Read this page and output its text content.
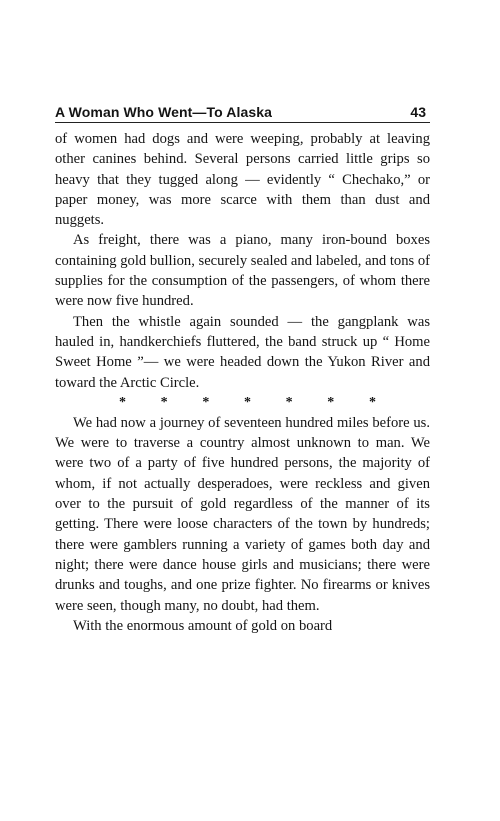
A Woman Who Went—To Alaska	43

of women had dogs and were weeping, probably at leaving other canines behind. Several persons carried little grips so heavy that they tugged along — evidently “ Chechako,” or paper money, was more scarce with them than dust and nuggets.

As freight, there was a piano, many iron-bound boxes containing gold bullion, securely sealed and labeled, and tons of supplies for the consumption of the passengers, of whom there were now five hundred.

Then the whistle again sounded — the gangplank was hauled in, handkerchiefs fluttered, the band struck up “ Home Sweet Home ”— we were headed down the Yukon River and toward the Arctic Circle.

* * * * * * *

We had now a journey of seventeen hundred miles before us. We were to traverse a country almost unknown to man. We were two of a party of five hundred persons, the majority of whom, if not actually desperadoes, were reckless and given over to the pursuit of gold regardless of the manner of its getting. There were loose characters of the town by hundreds; there were gamblers running a variety of games both day and night; there were dance house girls and musicians; there were drunks and toughs, and one prize fighter. No firearms or knives were seen, though many, no doubt, had them.

With the enormous amount of gold on board
